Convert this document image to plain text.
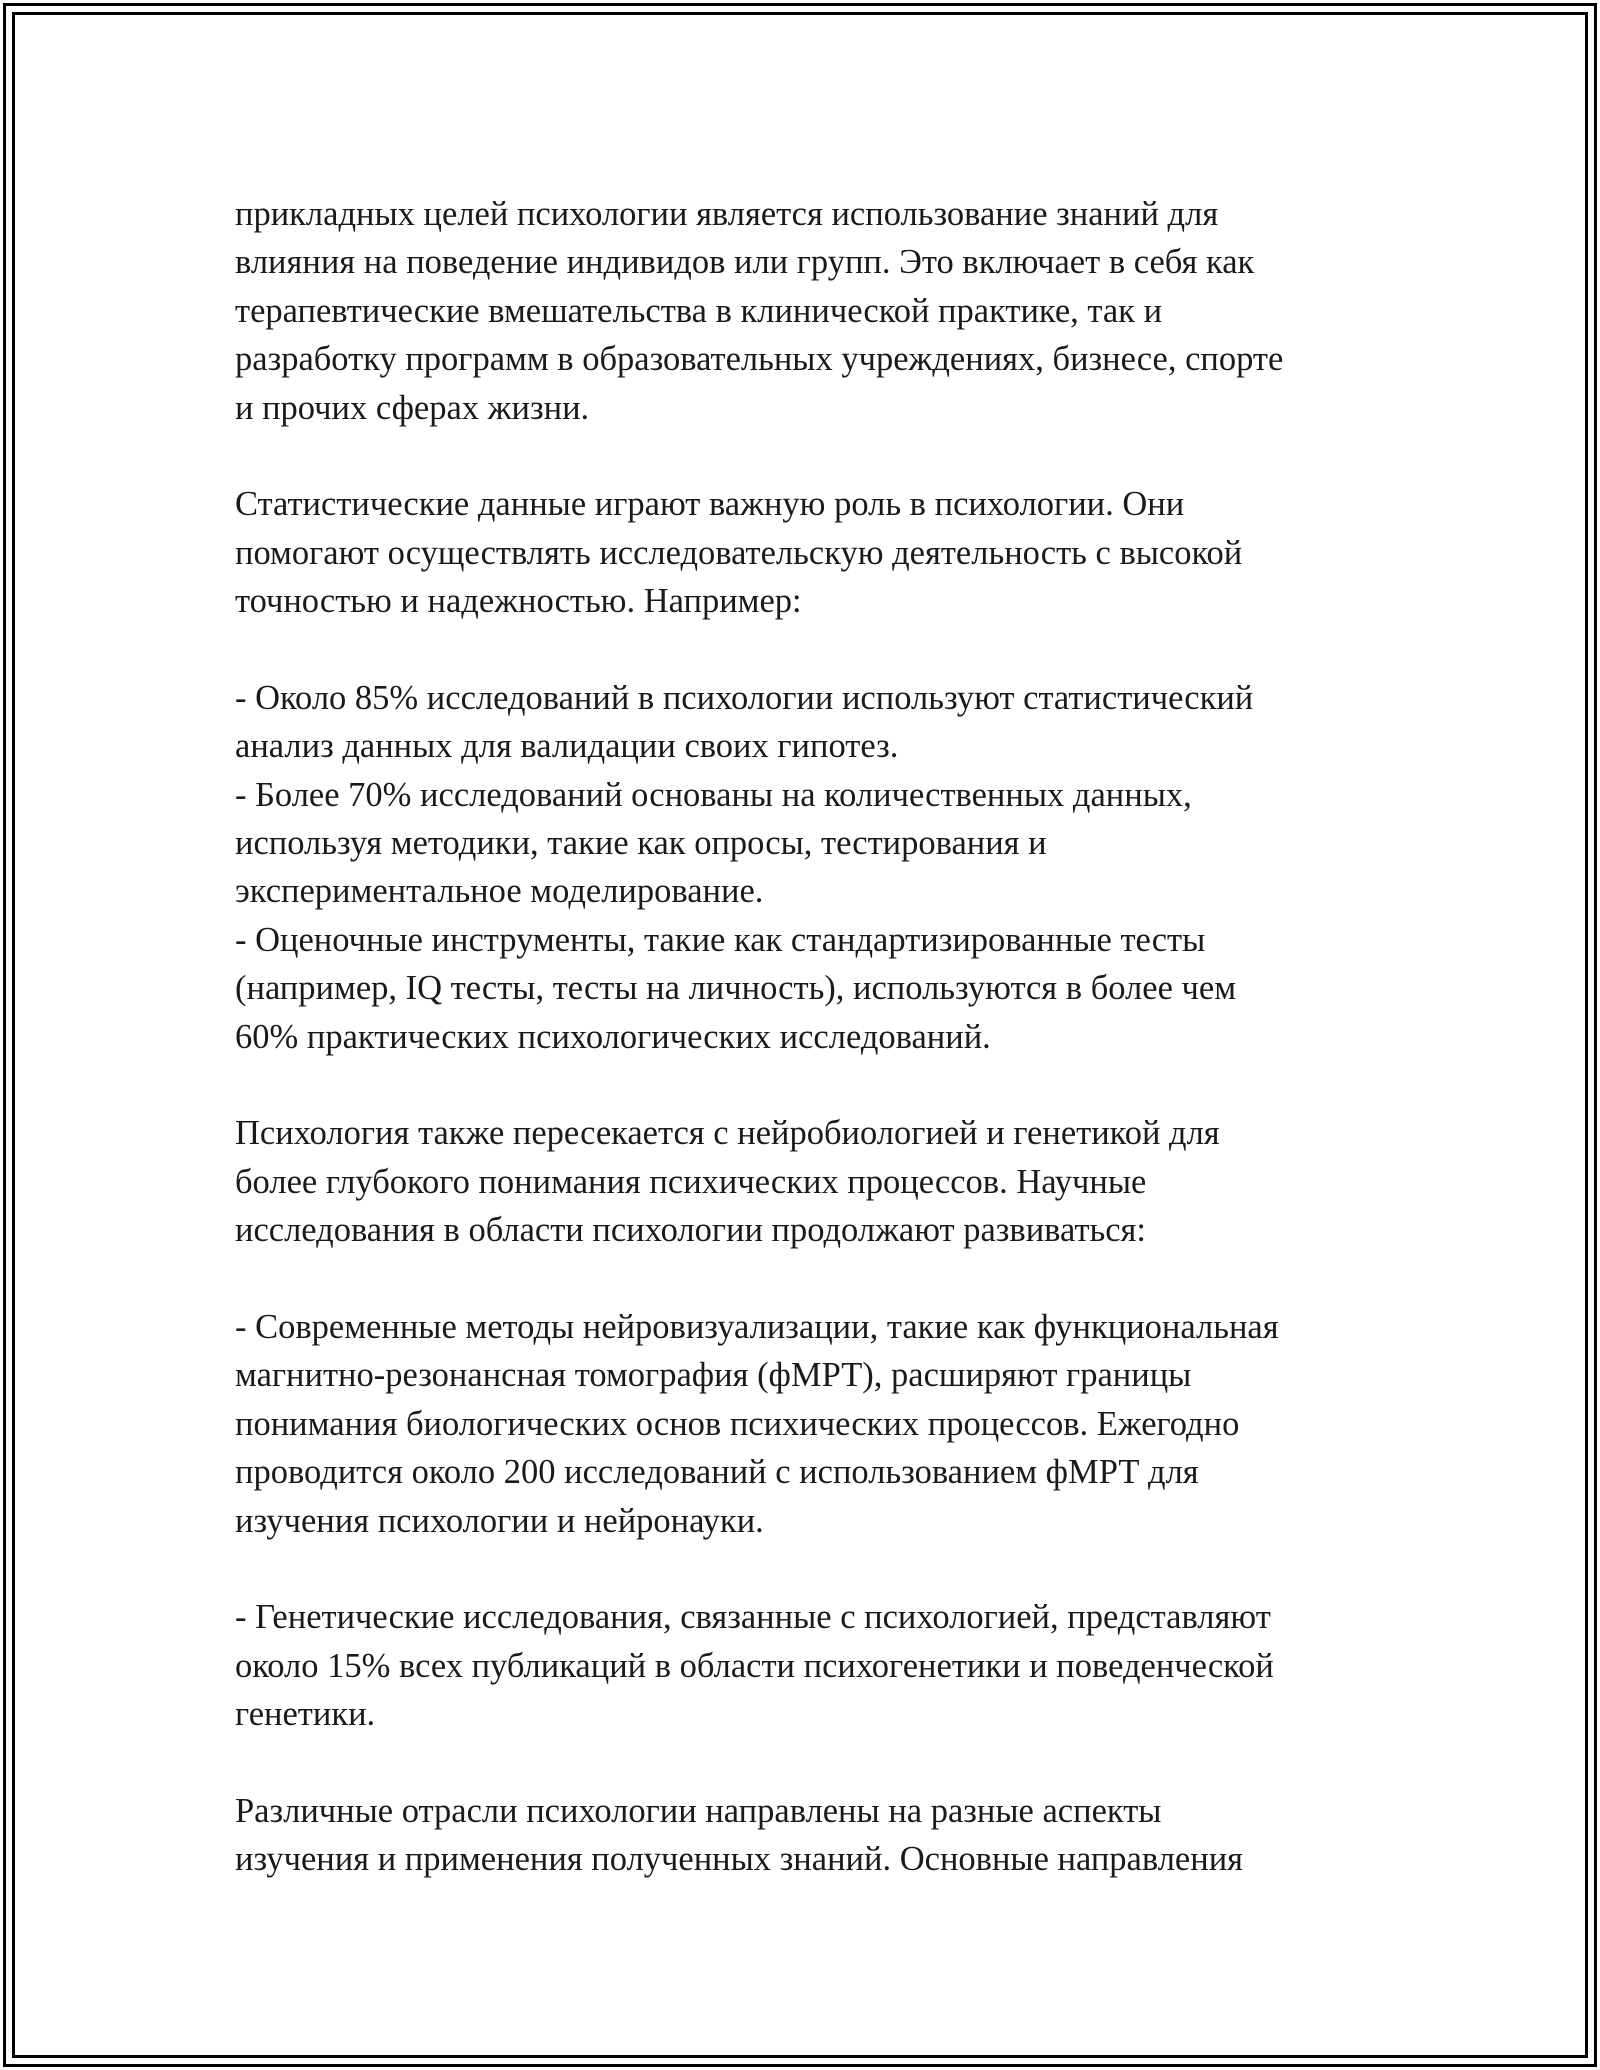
прикладных целей психологии является использование знаний для
влияния на поведение индивидов или групп. Это включает в себя как
терапевтические вмешательства в клинической практике, так и
разработку программ в образовательных учреждениях, бизнесе, спорте
и прочих сферах жизни.
Статистические данные играют важную роль в психологии. Они
помогают осуществлять исследовательскую деятельность с высокой
точностью и надежностью. Например:
- Около 85% исследований в психологии используют статистический
анализ данных для валидации своих гипотез.
- Более 70% исследований основаны на количественных данных,
используя методики, такие как опросы, тестирования и
экспериментальное моделирование.
- Оценочные инструменты, такие как стандартизированные тесты
(например, IQ тесты, тесты на личность), используются в более чем
60% практических психологических исследований.
Психология также пересекается с нейробиологией и генетикой для
более глубокого понимания психических процессов. Научные
исследования в области психологии продолжают развиваться:
- Современные методы нейровизуализации, такие как функциональная
магнитно-резонансная томография (фМРТ), расширяют границы
понимания биологических основ психических процессов. Ежегодно
проводится около 200 исследований с использованием фМРТ для
изучения психологии и нейронауки.
- Генетические исследования, связанные с психологией, представляют
около 15% всех публикаций в области психогенетики и поведенческой
генетики.
Различные отрасли психологии направлены на разные аспекты
изучения и применения полученных знаний. Основные направления
